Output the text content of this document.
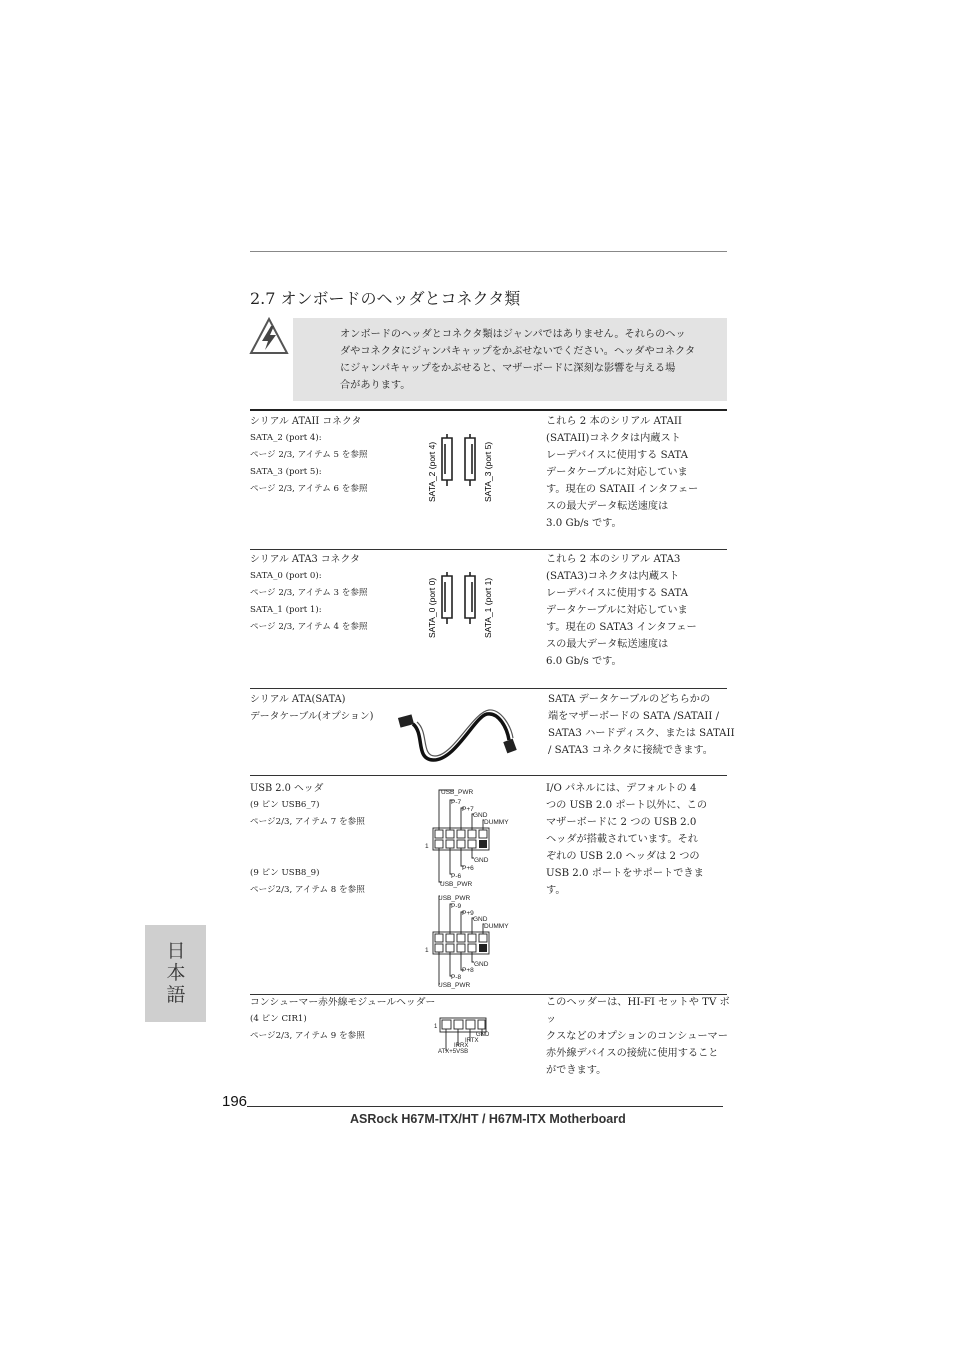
2.7 オンボードのヘッダとコネクタ類
オンボードのヘッダとコネクタ類はジャンパではありません。それらのヘッ
ダやコネクタにジャンパキャップをかぶせないでください。ヘッダやコネクタ
にジャンパキャップをかぶせると、マザーボードに深刻な影響を与える場
合があります。
シリアル ATAII コネクタ
SATA_2 (port 4):
ページ 2/3, アイテム 5 を参照
SATA_3 (port 5):
ページ 2/3, アイテム 6 を参照	SATA_2 (port 4)	SATA_3 (port 5)
これら 2 本のシリアル ATAII
(SATAII)コネクタは内蔵スト
レーデバイスに使用する SATA
データケーブルに対応していま
す。現在の SATAII インタフェー
スの最大データ転送速度は
3.0 Gb/s です。
シリアル ATA3 コネクタ
SATA_0 (port 0):
ページ 2/3, アイテム 3 を参照
SATA_1 (port 1):
ページ 2/3, アイテム 4 を参照	SATA_0 (port 0)	SATA_1 (port 1)
これら 2 本のシリアル ATA3
(SATA3)コネクタは内蔵スト
レーデバイスに使用する SATA
データケーブルに対応していま
す。現在の SATA3 インタフェー
スの最大データ転送速度は
6.0 Gb/s です。
シリアル ATA(SATA)
データケーブル(オプション)
SATA データケーブルのどちらかの
端をマザーボードの SATA /SATAII /
SATA3 ハードディスク、または SATAII
/ SATA3 コネクタに接続できます。
USB 2.0 ヘッダ
(9 ピン USB6_7)
ページ2/3, アイテム 7 を参照
(9 ピン USB8_9)
ページ2/3, アイテム 8 を参照
USB_PWR
P-7
P+7
GND
DUMMY
GND
P+6
P-6
USB_PWR
1
USB_PWR
P-9
P+9
GND
DUMMY
GND
P+8
P-8
USB_PWR
1
I/O パネルには、デフォルトの 4
つの USB 2.0 ポート以外に、この
マザーボードに 2 つの USB 2.0
ヘッダが搭載されています。それ
ぞれの USB 2.0 ヘッダは 2 つの
USB 2.0 ポートをサポートできま
す。
コンシューマー赤外線モジュールヘッダー
(4 ピン CIR1)
ページ2/3, アイテム 9 を参照	GND
IRTX
IRRX
ATX+5VSB
1
このヘッダーは、HI-FI セットや TV ボッ
クスなどのオプションのコンシューマー
赤外線デバイスの接続に使用すること
ができます。
日本語
196
ASRock H67M-ITX/HT / H67M-ITX Motherboard
